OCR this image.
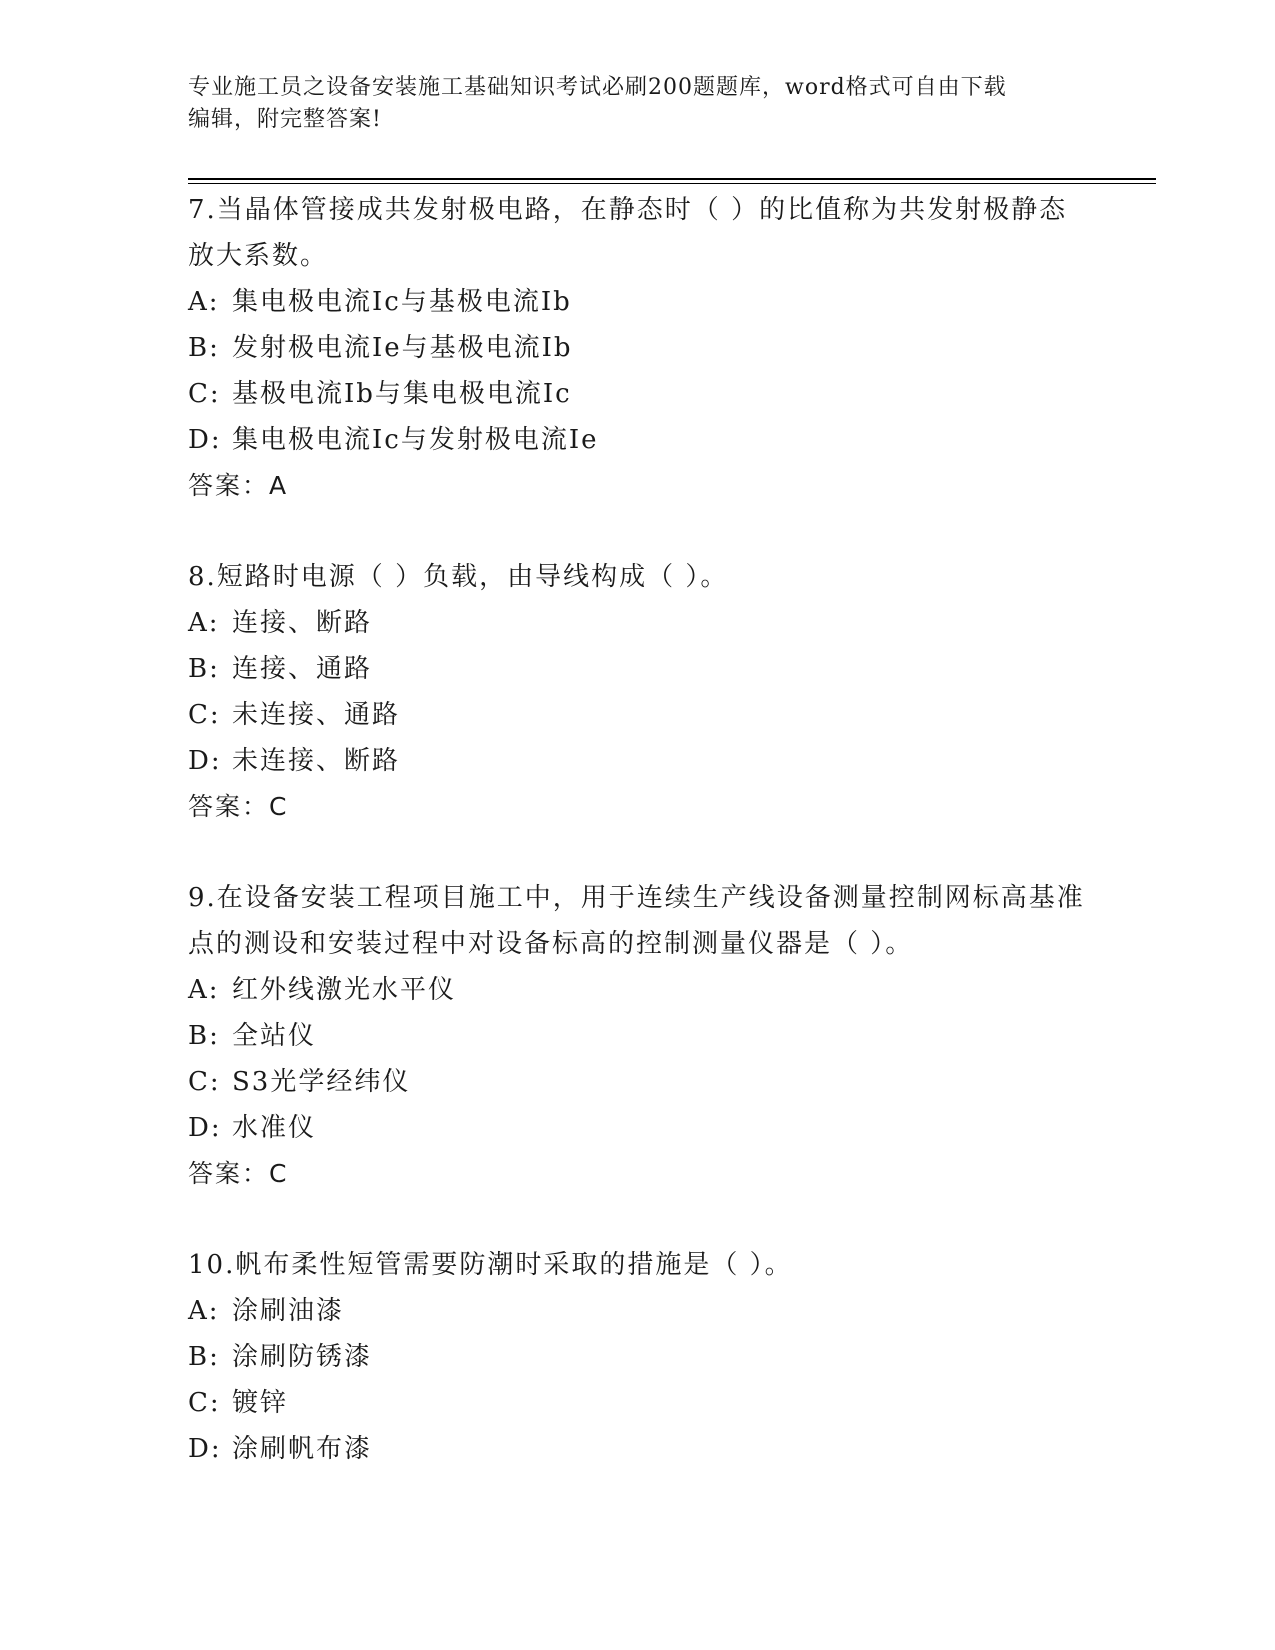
专业施工员之设备安装施工基础知识考试必刷200题题库，word格式可自由下载
编辑，附完整答案!
7.当晶体管接成共发射极电路，在静态时（ ）的比值称为共发射极静态放大系数。
A: 集电极电流Ic与基极电流Ib
B: 发射极电流Ie与基极电流Ib
C: 基极电流Ib与集电极电流Ic
D: 集电极电流Ic与发射极电流Ie
答案：A
8.短路时电源（ ）负载，由导线构成（ ）。
A: 连接、断路
B: 连接、通路
C: 未连接、通路
D: 未连接、断路
答案：C
9.在设备安装工程项目施工中，用于连续生产线设备测量控制网标高基准点的测设和安装过程中对设备标高的控制测量仪器是（ ）。
A: 红外线激光水平仪
B: 全站仪
C: S3光学经纬仪
D: 水准仪
答案：C
10.帆布柔性短管需要防潮时采取的措施是（ ）。
A: 涂刷油漆
B: 涂刷防锈漆
C: 镀锌
D: 涂刷帆布漆
